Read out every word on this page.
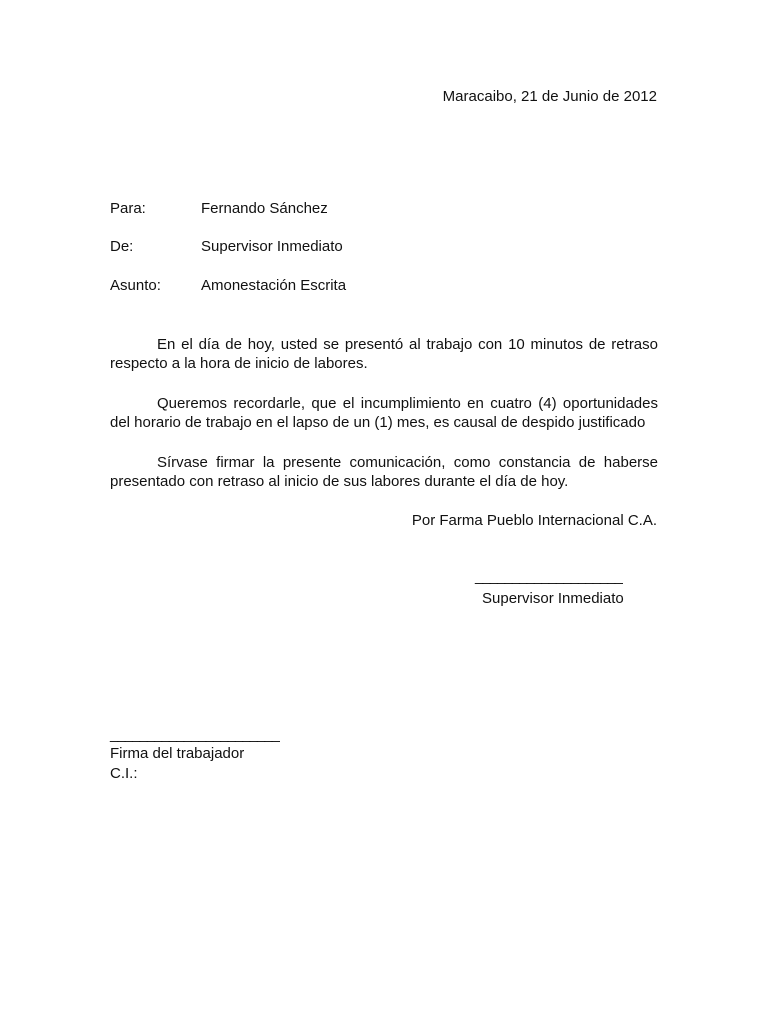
Maracaibo, 21 de Junio de 2012
Para:	Fernando Sánchez
De:	Supervisor Inmediato
Asunto:	Amonestación Escrita
En el día de hoy, usted se presentó al trabajo con 10 minutos de retraso respecto a la hora de inicio de labores.
Queremos recordarle, que el incumplimiento en cuatro (4) oportunidades del horario de trabajo en el lapso de un (1) mes, es causal de despido justificado
Sírvase firmar la presente comunicación, como constancia de haberse presentado con retraso al inicio de sus labores durante el día de hoy.
Por Farma Pueblo Internacional C.A.
____________________
Supervisor Inmediato
_______________________
Firma del trabajador
C.I.:
